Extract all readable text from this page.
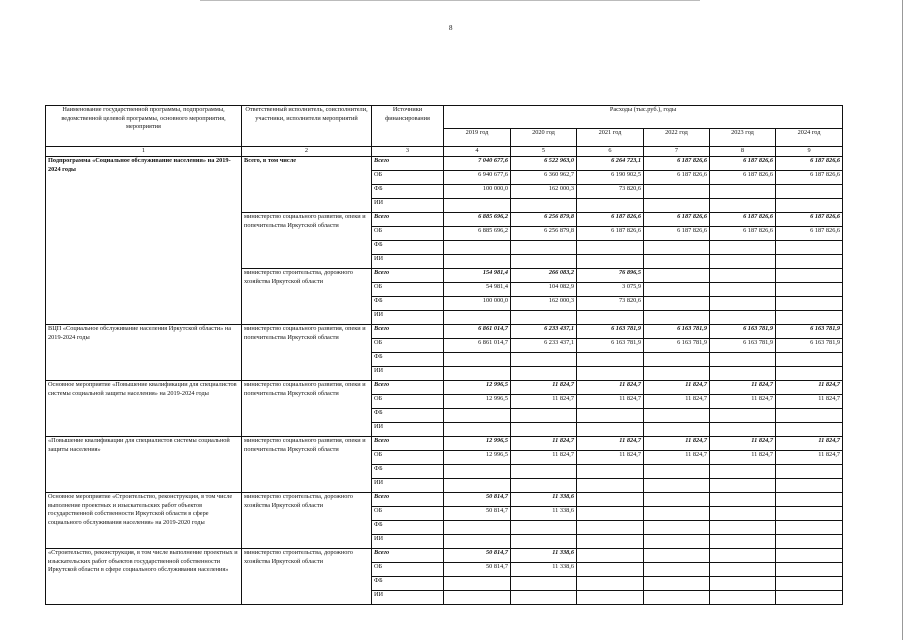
8
Наименование государственной программы, подпрограммы, ведомственной целевой программы, основного мероприятия, мероприятия	Ответственный исполнитель, соисполнители, участники, исполнители мероприятий	Источники финансирования	Расходы (тыс.руб.), годы					
			2019 год	2020 год	2021 год	2022 год	2023 год	2024 год
1	2	3	4	5	6	7	8	9
Подпрограмма «Социальное обслуживание населения» на 2019-2024 годы	Всего, в том числе	Всего	7 040 677,6	6 522 963,0	6 264 723,1	6 187 826,6	6 187 826,6	6 187 826,6
		ОБ	6 940 677,6	6 360 962,7	6 190 902,5	6 187 826,6	6 187 826,6	6 187 826,6
		ФБ	100 000,0	162 000,3	73 820,6			
		ИИ						
	министерство социального развития, опеки и попечительства Иркутской области	Всего	6 885 696,2	6 256 879,8	6 187 826,6	6 187 826,6	6 187 826,6	6 187 826,6
		ОБ	6 885 696,2	6 256 879,8	6 187 826,6	6 187 826,6	6 187 826,6	6 187 826,6
		ФБ						
		ИИ						
	министерство строительства, дорожного хозяйства Иркутской области	Всего	154 981,4	266 083,2	76 896,5			
		ОБ	54 981,4	104 082,9	3 075,9			
		ФБ	100 000,0	162 000,3	73 820,6			
		ИИ						
ВЦП «Социальное обслуживание населения Иркутской области» на 2019-2024 годы	министерство социального развития, опеки и попечительства Иркутской области	Всего	6 861 014,7	6 233 437,1	6 163 781,9	6 163 781,9	6 163 781,9	6 163 781,9
		ОБ	6 861 014,7	6 233 437,1	6 163 781,9	6 163 781,9	6 163 781,9	6 163 781,9
		ФБ						
		ИИ						
Основное мероприятие «Повышение квалификации для специалистов системы социальной защиты населения» на 2019-2024 годы	министерство социального развития, опеки и попечительства Иркутской области	Всего	12 996,5	11 824,7	11 824,7	11 824,7	11 824,7	11 824,7
		ОБ	12 996,5	11 824,7	11 824,7	11 824,7	11 824,7	11 824,7
		ФБ						
		ИИ						
«Повышение квалификации для специалистов системы социальной защиты населения»	министерство социального развития, опеки и попечительства Иркутской области	Всего	12 996,5	11 824,7	11 824,7	11 824,7	11 824,7	11 824,7
		ОБ	12 996,5	11 824,7	11 824,7	11 824,7	11 824,7	11 824,7
		ФБ						
		ИИ						
Основное мероприятие «Строительство, реконструкция, в том числе выполнение проектных и изыскательских работ объектов государственной собственности Иркутской области в сфере социального обслуживания населения» на 2019-2020 годы	министерство строительства, дорожного хозяйства Иркутской области	Всего	50 814,7	11 338,6				
		ОБ	50 814,7	11 338,6				
		ФБ						
		ИИ						
«Строительство, реконструкция, в том числе выполнение проектных и изыскательских работ объектов государственной собственности Иркутской области в сфере социального обслуживания населения»	министерство строительства, дорожного хозяйства Иркутской области	Всего	50 814,7	11 338,6				
		ОБ	50 814,7	11 338,6				
		ФБ						
		ИИ						
